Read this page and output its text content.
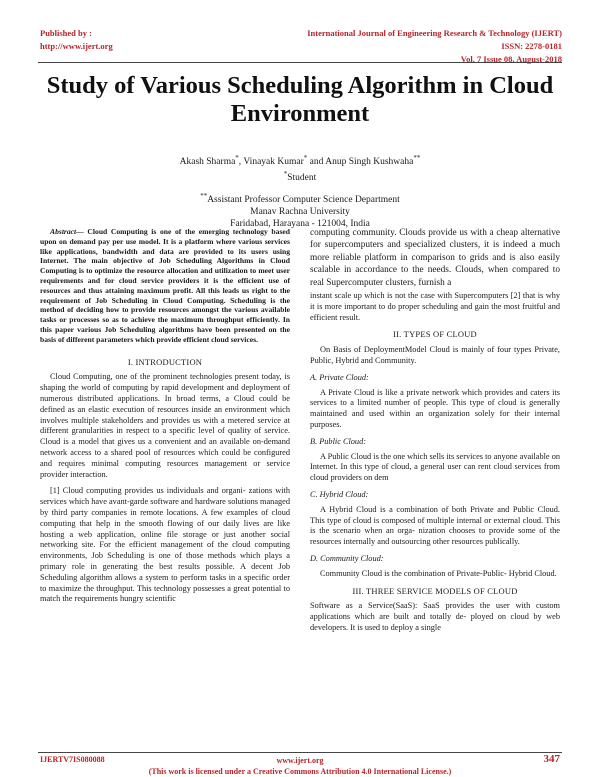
Published by :
http://www.ijert.org
International Journal of Engineering Research & Technology (IJERT)
ISSN: 2278-0181
Vol. 7 Issue 08, August-2018
Study of Various Scheduling Algorithm in Cloud Environment
Akash Sharma*, Vinayak Kumar* and Anup Singh Kushwaha**
*Student
**Assistant Professor Computer Science Department
Manav Rachna University
Faridabad, Harayana - 121004, India

Abstract— Cloud Computing is one of the emerging technology based upon on demand pay per use model. It is a platform where various services like applications, bandwidth and data are provided to its users using Internet. The main objective of Job Scheduling Algorithms in Cloud Computing is to optimize the resource allocation and utilization to meet user requirements and for cloud service providers it is the efficient use of resources and thus attaining maximum profit. All this leads us right to the requirement of Job Scheduling in Cloud Computing. Scheduling is the method of deciding how to provide resources amongst the various available tasks or processes so as to achieve the maximum throughput efficiently. In this paper various Job Scheduling algorithms have been presented on the basis of different parameters which provide efficient cloud services.

I. INTRODUCTION

Cloud Computing, one of the prominent technologies present today, is shaping the world of computing by rapid development and deployment of numerous distributed applications. In broad terms, a Cloud could be defined as an elastic execution of resources inside an environment which involves multiple stakeholders and provides us with a metered service at different granularities in respect to a specific level of quality of service. Cloud is a model that gives us a convenient and an available on-demand network access to a shared pool of resources which could be configured and requires minimal computing resources management or service provider interaction.

[1] Cloud computing provides us individuals and organi- zations with services which have avant-garde software and hardware solutions managed by third party companies in remote locations. A few examples of cloud computing that help in the smooth flowing of our daily lives are like hosting a web application, online file storage or just another social networking site. For the efficient management of the cloud computing environments, Job Scheduling is one of those methods which plays a primary role in generating the best results possible. A decent Job Scheduling algorithm allows a system to perform tasks in a specific order to maximize the throughput. This technology possesses a great potential to match the requirements hungry scientific

computing community. Clouds provide us with a cheap alternative for supercomputers and specialized clusters, it is indeed a much more reliable platform in comparison to grids and is also easily scalable in accordance to the needs. Clouds, when compared to real Supercomputer clusters, furnish a

instant scale up which is not the case with Supercomputers [2] that is why it is more important to do proper scheduling and gain the most fruitful and efficient result.

II. TYPES OF CLOUD

On Basis of DeploymentModel Cloud is mainly of four types Private, Public, Hybrid and Community.

A. Private Cloud:

A Private Cloud is like a private network which provides and caters its services to a limited number of people. This type of cloud is generally maintained and used within an organization solely for their internal purposes.

B. Public Cloud:

A Public Cloud is the one which sells its services to anyone available on Internet. In this type of cloud, a general user can rent cloud services from cloud providers on dem

C. Hybrid Cloud:

A Hybrid Cloud is a combination of both Private and Public Cloud. This type of cloud is composed of multiple internal or external cloud. This is the scenario when an orga- nization chooses to provide some of the resources internally and outsourcing other resources publically.

D. Community Cloud:

Community Cloud is the combination of Private-Public- Hybrid Cloud.

III. THREE SERVICE MODELS OF CLOUD

Software as a Service(SaaS): SaaS provides the user with custom applications which are built and totally de- ployed on cloud by web developers. It is used to deploy a single

IJERTV7IS080088	www.ijert.org
(This work is licensed under a Creative Commons Attribution 4.0 International License.)
347
